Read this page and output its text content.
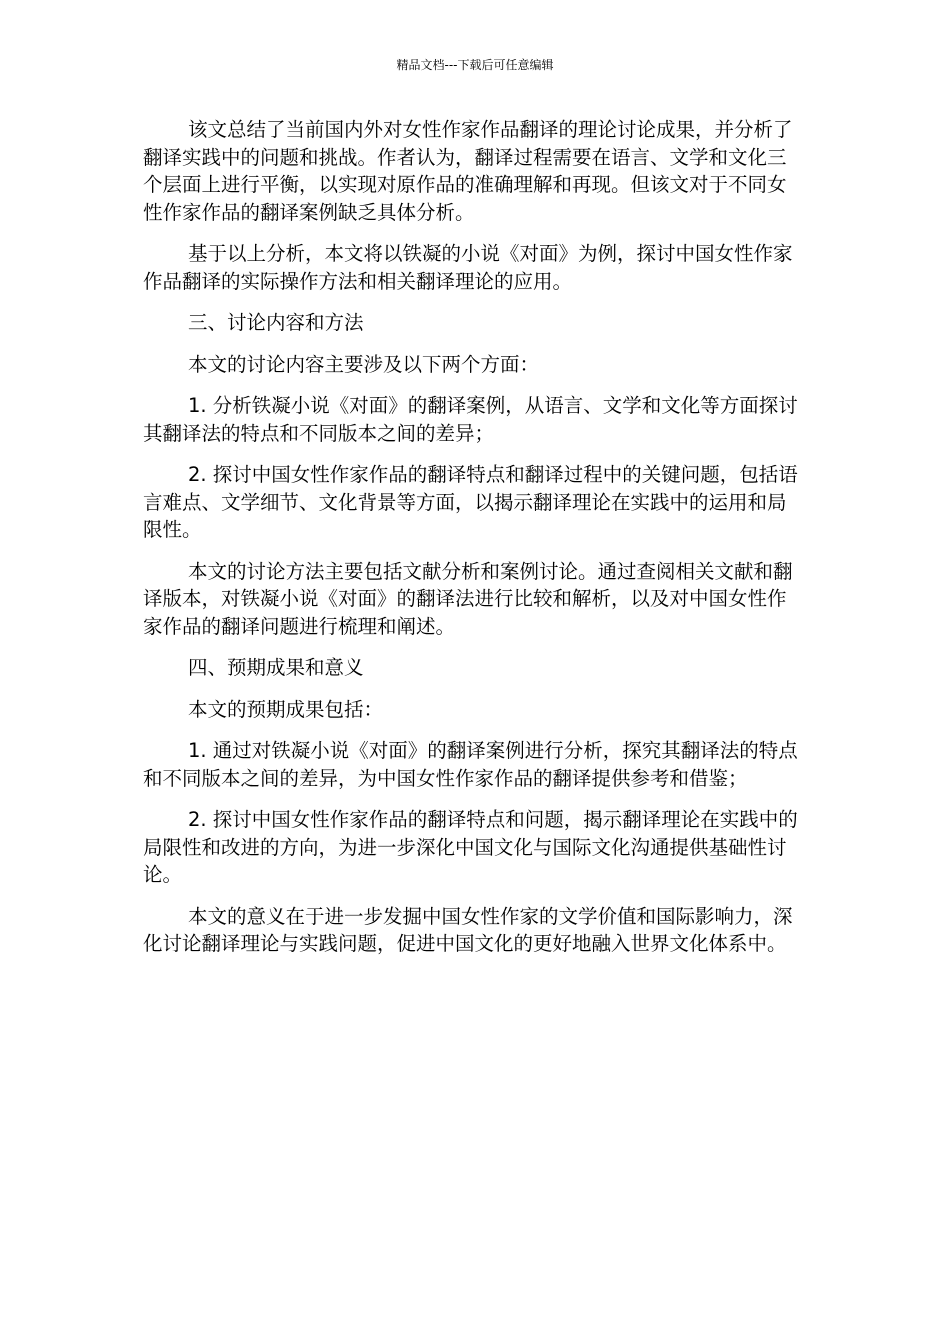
精品文档---下载后可任意编辑

该文总结了当前国内外对女性作家作品翻译的理论讨论成果，并分析了翻译实践中的问题和挑战。作者认为，翻译过程需要在语言、文学和文化三个层面上进行平衡，以实现对原作品的准确理解和再现。但该文对于不同女性作家作品的翻译案例缺乏具体分析。

基于以上分析，本文将以铁凝的小说《对面》为例，探讨中国女性作家作品翻译的实际操作方法和相关翻译理论的应用。

三、讨论内容和方法

本文的讨论内容主要涉及以下两个方面：

1. 分析铁凝小说《对面》的翻译案例，从语言、文学和文化等方面探讨其翻译法的特点和不同版本之间的差异；

2. 探讨中国女性作家作品的翻译特点和翻译过程中的关键问题，包括语言难点、文学细节、文化背景等方面，以揭示翻译理论在实践中的运用和局限性。

本文的讨论方法主要包括文献分析和案例讨论。通过查阅相关文献和翻译版本，对铁凝小说《对面》的翻译法进行比较和解析，以及对中国女性作家作品的翻译问题进行梳理和阐述。

四、预期成果和意义

本文的预期成果包括：

1. 通过对铁凝小说《对面》的翻译案例进行分析，探究其翻译法的特点和不同版本之间的差异，为中国女性作家作品的翻译提供参考和借鉴；

2. 探讨中国女性作家作品的翻译特点和问题，揭示翻译理论在实践中的局限性和改进的方向，为进一步深化中国文化与国际文化沟通提供基础性讨论。

本文的意义在于进一步发掘中国女性作家的文学价值和国际影响力，深化讨论翻译理论与实践问题，促进中国文化的更好地融入世界文化体系中。
